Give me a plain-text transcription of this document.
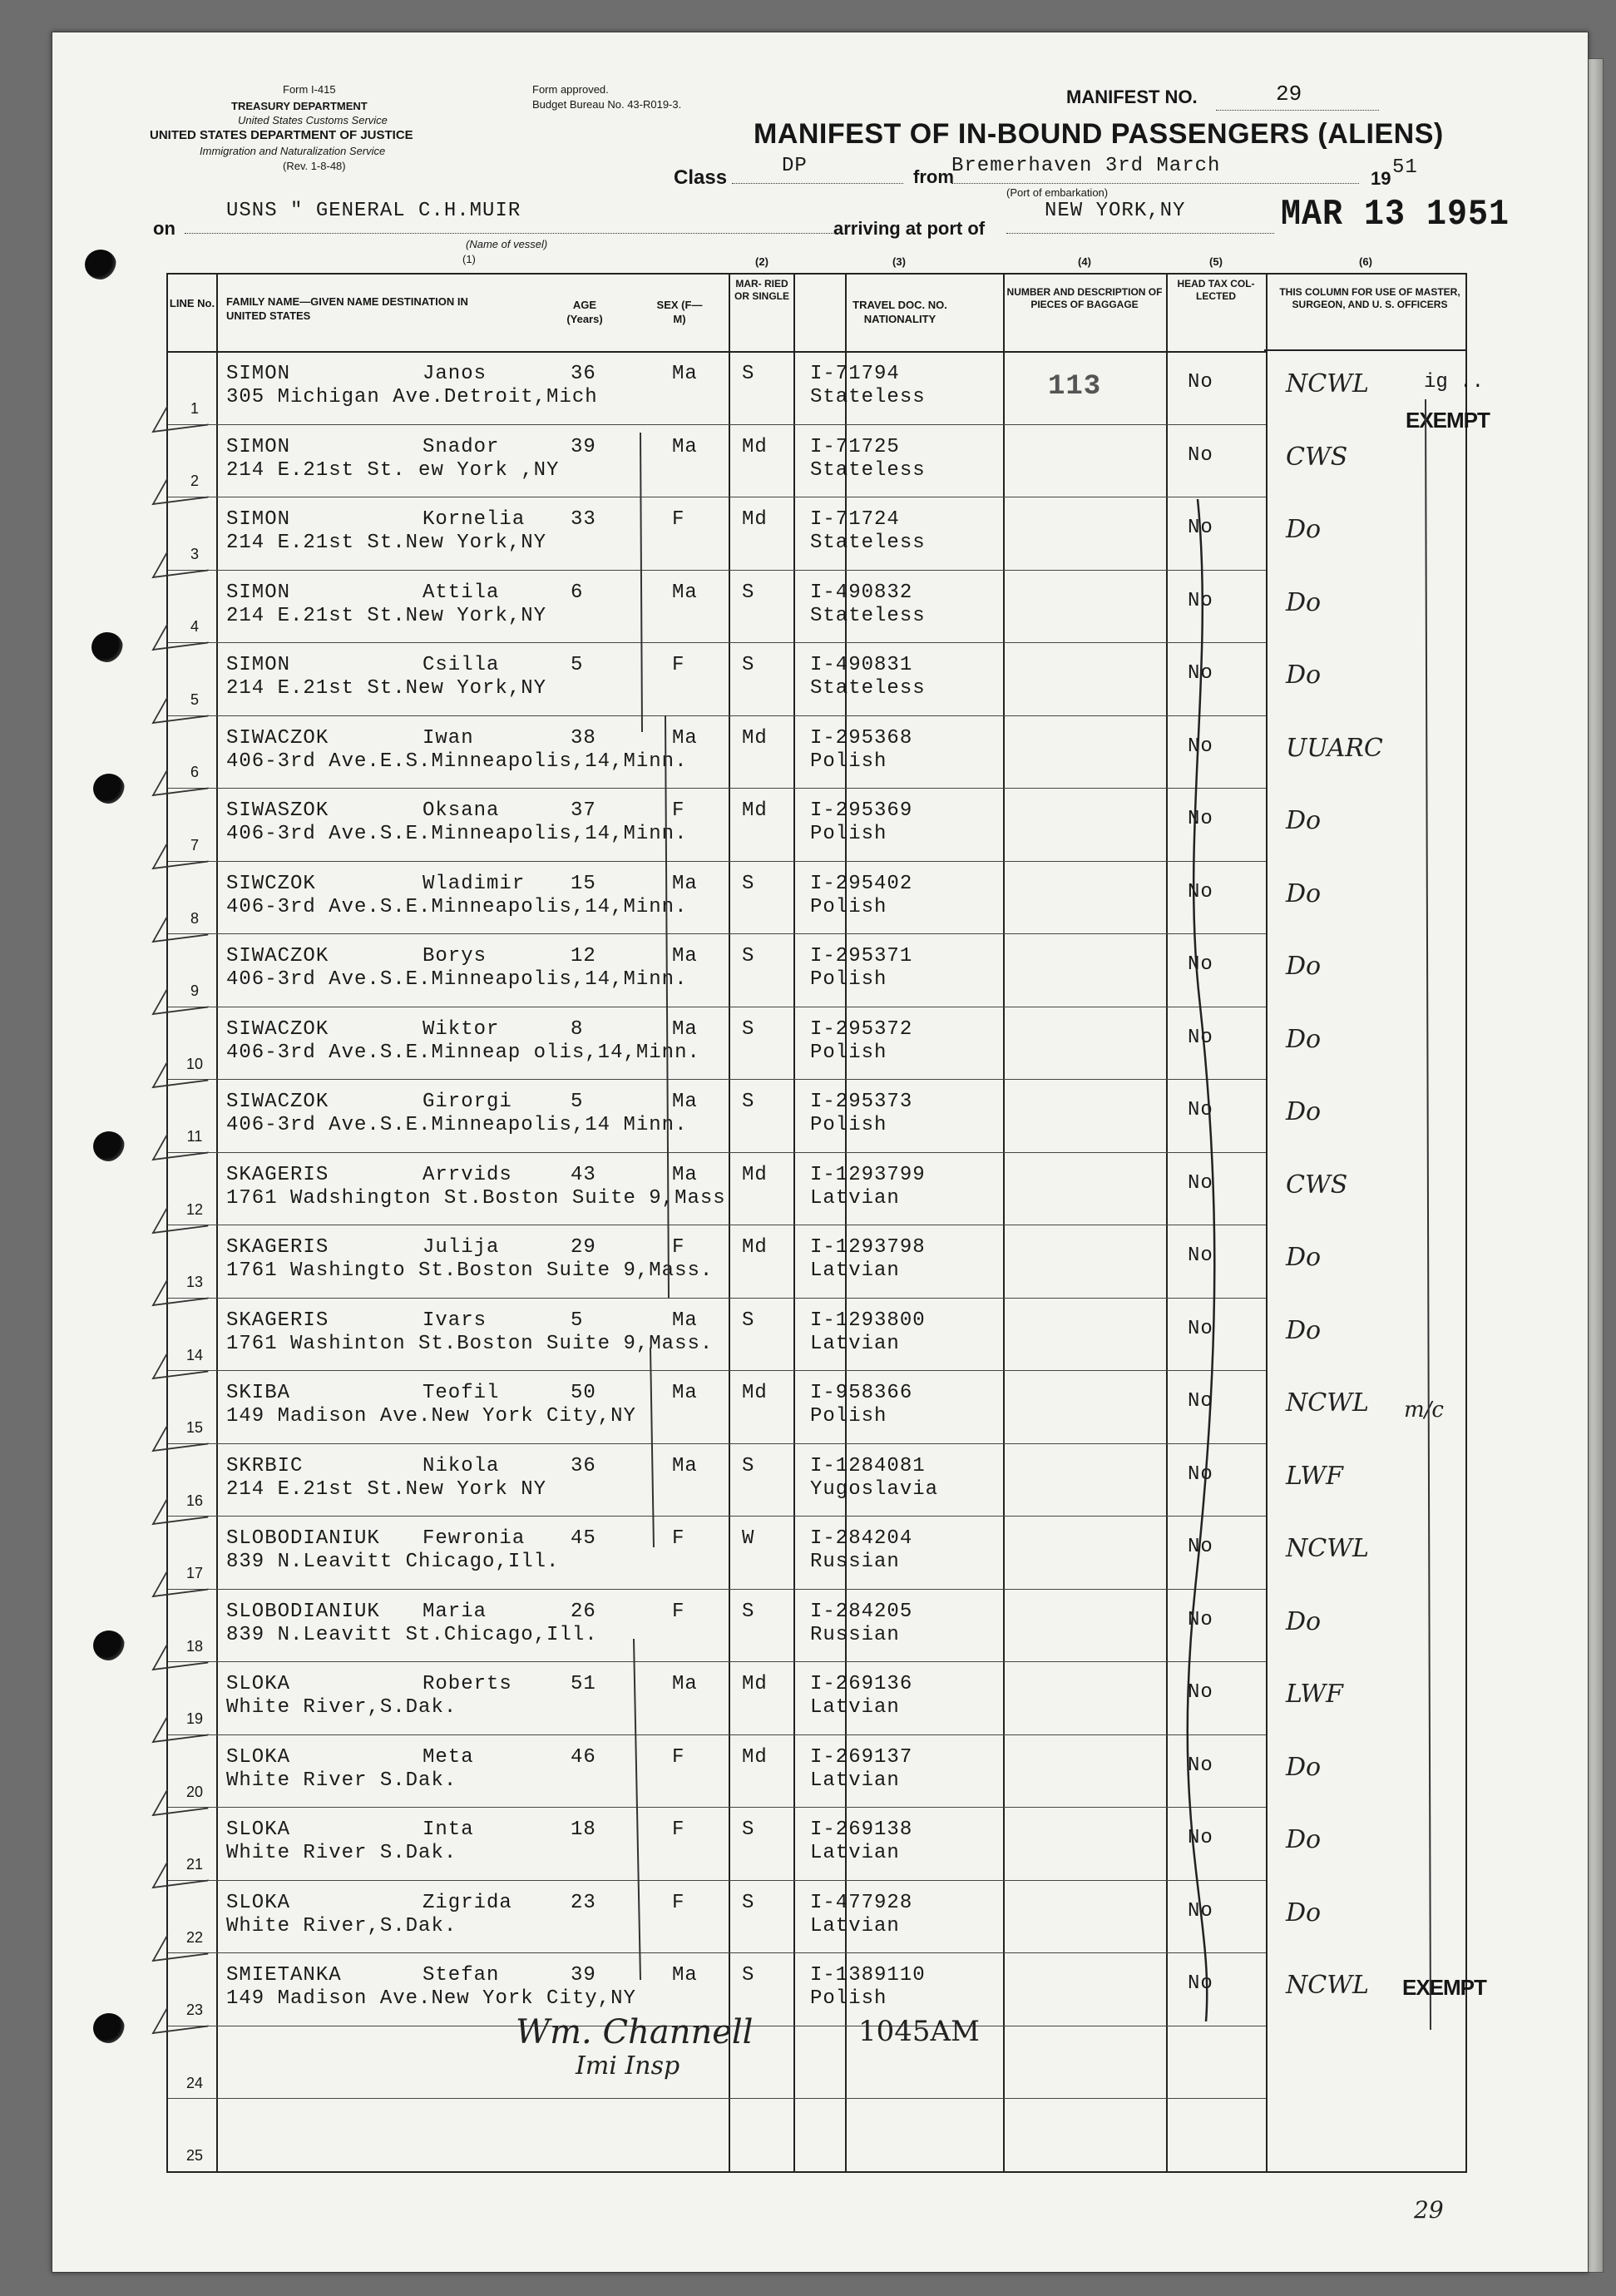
Form I-415
TREASURY DEPARTMENT
United States Customs Service
UNITED STATES DEPARTMENT OF JUSTICE
Immigration and Naturalization Service
(Rev. 1-8-48)
Form approved.
Budget Bureau No. 43-R019-3.	MANIFEST NO.	29
MANIFEST OF IN-BOUND PASSENGERS (ALIENS)
Class
DP	from
Bremerhaven 3rd March
(Port of embarkation)
19 51
on
USNS " GENERAL C.H.MUIR
(Name of vessel)
(1)
arriving at port of
NEW YORK,NY	MAR 13 1951
LINE No. FAMILY NAME—GIVEN NAME DESTINATION IN UNITED STATES
AGE (Years)
SEX (F—M)
(2)
MAR- RIED OR SINGLE
(3)
TRAVEL DOC. NO. NATIONALITY
(4)
NUMBER AND DESCRIPTION OF PIECES OF BAGGAGE
(5)
HEAD TAX COL- LECTED
(6)
THIS COLUMN FOR USE OF MASTER, SURGEON, AND U. S. OFFICERS
1
SIMON	Janos
305 Michigan Ave.Detroit,Mich
36	Ma S	I-71794
Stateless	113	No	NCWL
2
SIMON	Snador
214 E.21st St. ew York ,NY
39	Ma Md I-71725
Stateless
No	CWS
3
SIMON	Kornelia
214 E.21st St.New York,NY
33	F	Md I-71724
Stateless
No	Do
4
SIMON	Attila
214 E.21st St.New York,NY
6	Ma S	I-490832
Stateless
No	Do
5
SIMON	Csilla
214 E.21st St.New York,NY
5	F	S	I-490831
Stateless
No	Do
6
SIWACZOK	Iwan
406-3rd Ave.E.S.Minneapolis,14,Minn.
38	Ma Md I-295368
Polish
No	UUARC
7
SIWASZOK	Oksana
406-3rd Ave.S.E.Minneapolis,14,Minn.
37	F	Md I-295369
Polish
No	Do
8
SIWCZOK	Wladimir
406-3rd Ave.S.E.Minneapolis,14,Minn.
15	Ma S	I-295402
Polish
No	Do
9
SIWACZOK	Borys
406-3rd Ave.S.E.Minneapolis,14,Minn.
12	Ma S	I-295371
Polish
No	Do
10
SIWACZOK	Wiktor
406-3rd Ave.S.E.Minneap olis,14,Minn.
8	Ma S	I-295372
Polish
No	Do
11
SIWACZOK	Girorgi
406-3rd Ave.S.E.Minneapolis,14 Minn.
5	Ma S	I-295373
Polish
No	Do
12
SKAGERIS	Arrvids
1761 Wadshington St.Boston Suite 9,Mass
43	Ma Md I-1293799
Latvian
No	CWS
13
SKAGERIS	Julija
1761 Washingto St.Boston Suite 9,Mass.
29	F	Md I-1293798
Latvian
No	Do
14
SKAGERIS	Ivars
1761 Washinton St.Boston Suite 9,Mass.
5	Ma S	I-1293800
Latvian
No	Do
15
SKIBA	Teofil
149 Madison Ave.New York City,NY
50	Ma Md I-958366
Polish
No	NCWL
16
SKRBIC	Nikola
214 E.21st St.New York NY
36	Ma S	I-1284081
Yugoslavia
No	LWF
17
SLOBODIANIUK Fewronia
839 N.Leavitt Chicago,Ill.
45	F	W	I-284204
Russian
No	NCWL
18
SLOBODIANIUK Maria
839 N.Leavitt St.Chicago,Ill.
26	F	S	I-284205
Russian
No	Do
19
SLOKA	Roberts
White River,S.Dak.
51	Ma Md I-269136
Latvian
No	LWF
20
SLOKA	Meta
White River S.Dak.
46	F	Md I-269137
Latvian
No	Do
21
SLOKA	Inta
White River S.Dak.
18	F	S	I-269138
Latvian
No	Do
22
SLOKA	Zigrida
White River,S.Dak.
23	F	S	I-477928
Latvian
No	Do
23
SMIETANKA	Stefan
149 Madison Ave.New York City,NY
39	Ma S	I-1389110
Polish
No	NCWL
24
25
EXEMPT
EXEMPT
ig ..
m/c
Wm. Channell	1045AM
Imi Insp
29
